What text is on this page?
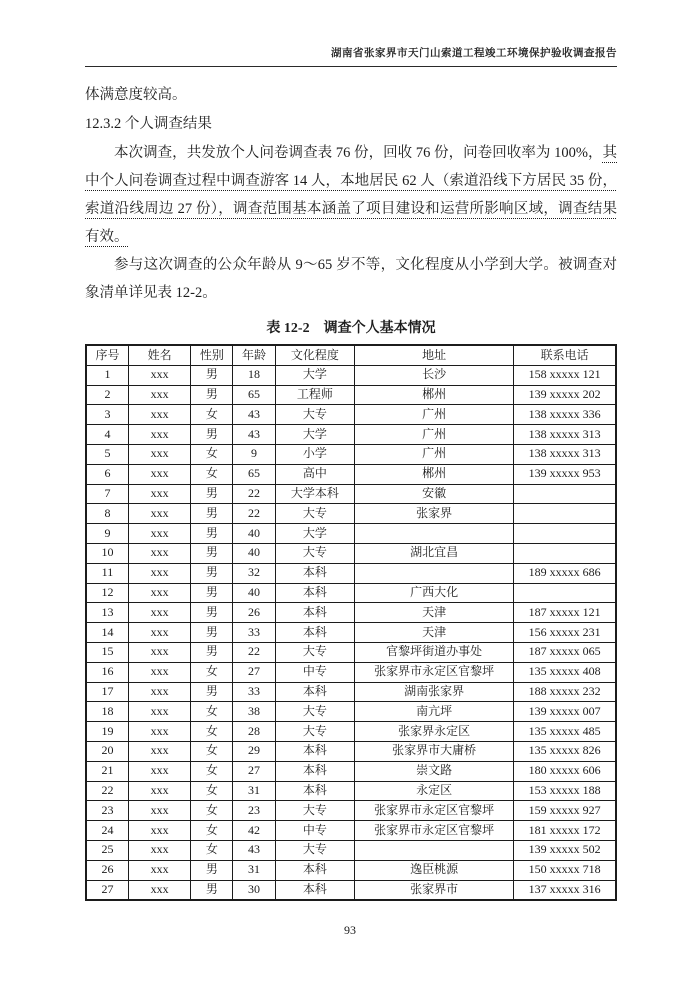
湖南省张家界市天门山索道工程竣工环境保护验收调查报告

体满意度较高。

12.3.2 个人调查结果

本次调查，共发放个人问卷调查表 76 份，回收 76 份，问卷回收率为 100%，其中个人问卷调查过程中调查游客 14 人，本地居民 62 人（索道沿线下方居民 35 份，索道沿线周边 27 份），调查范围基本涵盖了项目建设和运营所影响区域，调查结果有效。

参与这次调查的公众年龄从 9～65 岁不等，文化程度从小学到大学。被调查对象清单详见表 12-2。

表 12-2　调查个人基本情况
序号	姓名	性别	年龄	文化程度	地址	联系电话
1	xxx	男	18	大学	长沙	158 xxxxx 121
2	xxx	男	65	工程师	郴州	139 xxxxx 202
3	xxx	女	43	大专	广州	138 xxxxx 336
4	xxx	男	43	大学	广州	138 xxxxx 313
5	xxx	女	9	小学	广州	138 xxxxx 313
6	xxx	女	65	高中	郴州	139 xxxxx 953
7	xxx	男	22	大学本科	安徽	
8	xxx	男	22	大专	张家界	
9	xxx	男	40	大学		
10	xxx	男	40	大专	湖北宜昌	
11	xxx	男	32	本科		189 xxxxx 686
12	xxx	男	40	本科	广西大化	
13	xxx	男	26	本科	天津	187 xxxxx 121
14	xxx	男	33	本科	天津	156 xxxxx 231
15	xxx	男	22	大专	官黎坪街道办事处	187 xxxxx 065
16	xxx	女	27	中专	张家界市永定区官黎坪	135 xxxxx 408
17	xxx	男	33	本科	湖南张家界	188 xxxxx 232
18	xxx	女	38	大专	南亢坪	139 xxxxx 007
19	xxx	女	28	大专	张家界永定区	135 xxxxx 485
20	xxx	女	29	本科	张家界市大庸桥	135 xxxxx 826
21	xxx	女	27	本科	崇文路	180 xxxxx 606
22	xxx	女	31	本科	永定区	153 xxxxx 188
23	xxx	女	23	大专	张家界市永定区官黎坪	159 xxxxx 927
24	xxx	女	42	中专	张家界市永定区官黎坪	181 xxxxx 172
25	xxx	女	43	大专		139 xxxxx 502
26	xxx	男	31	本科	逸臣桃源	150 xxxxx 718
27	xxx	男	30	本科	张家界市	137 xxxxx 316
93
